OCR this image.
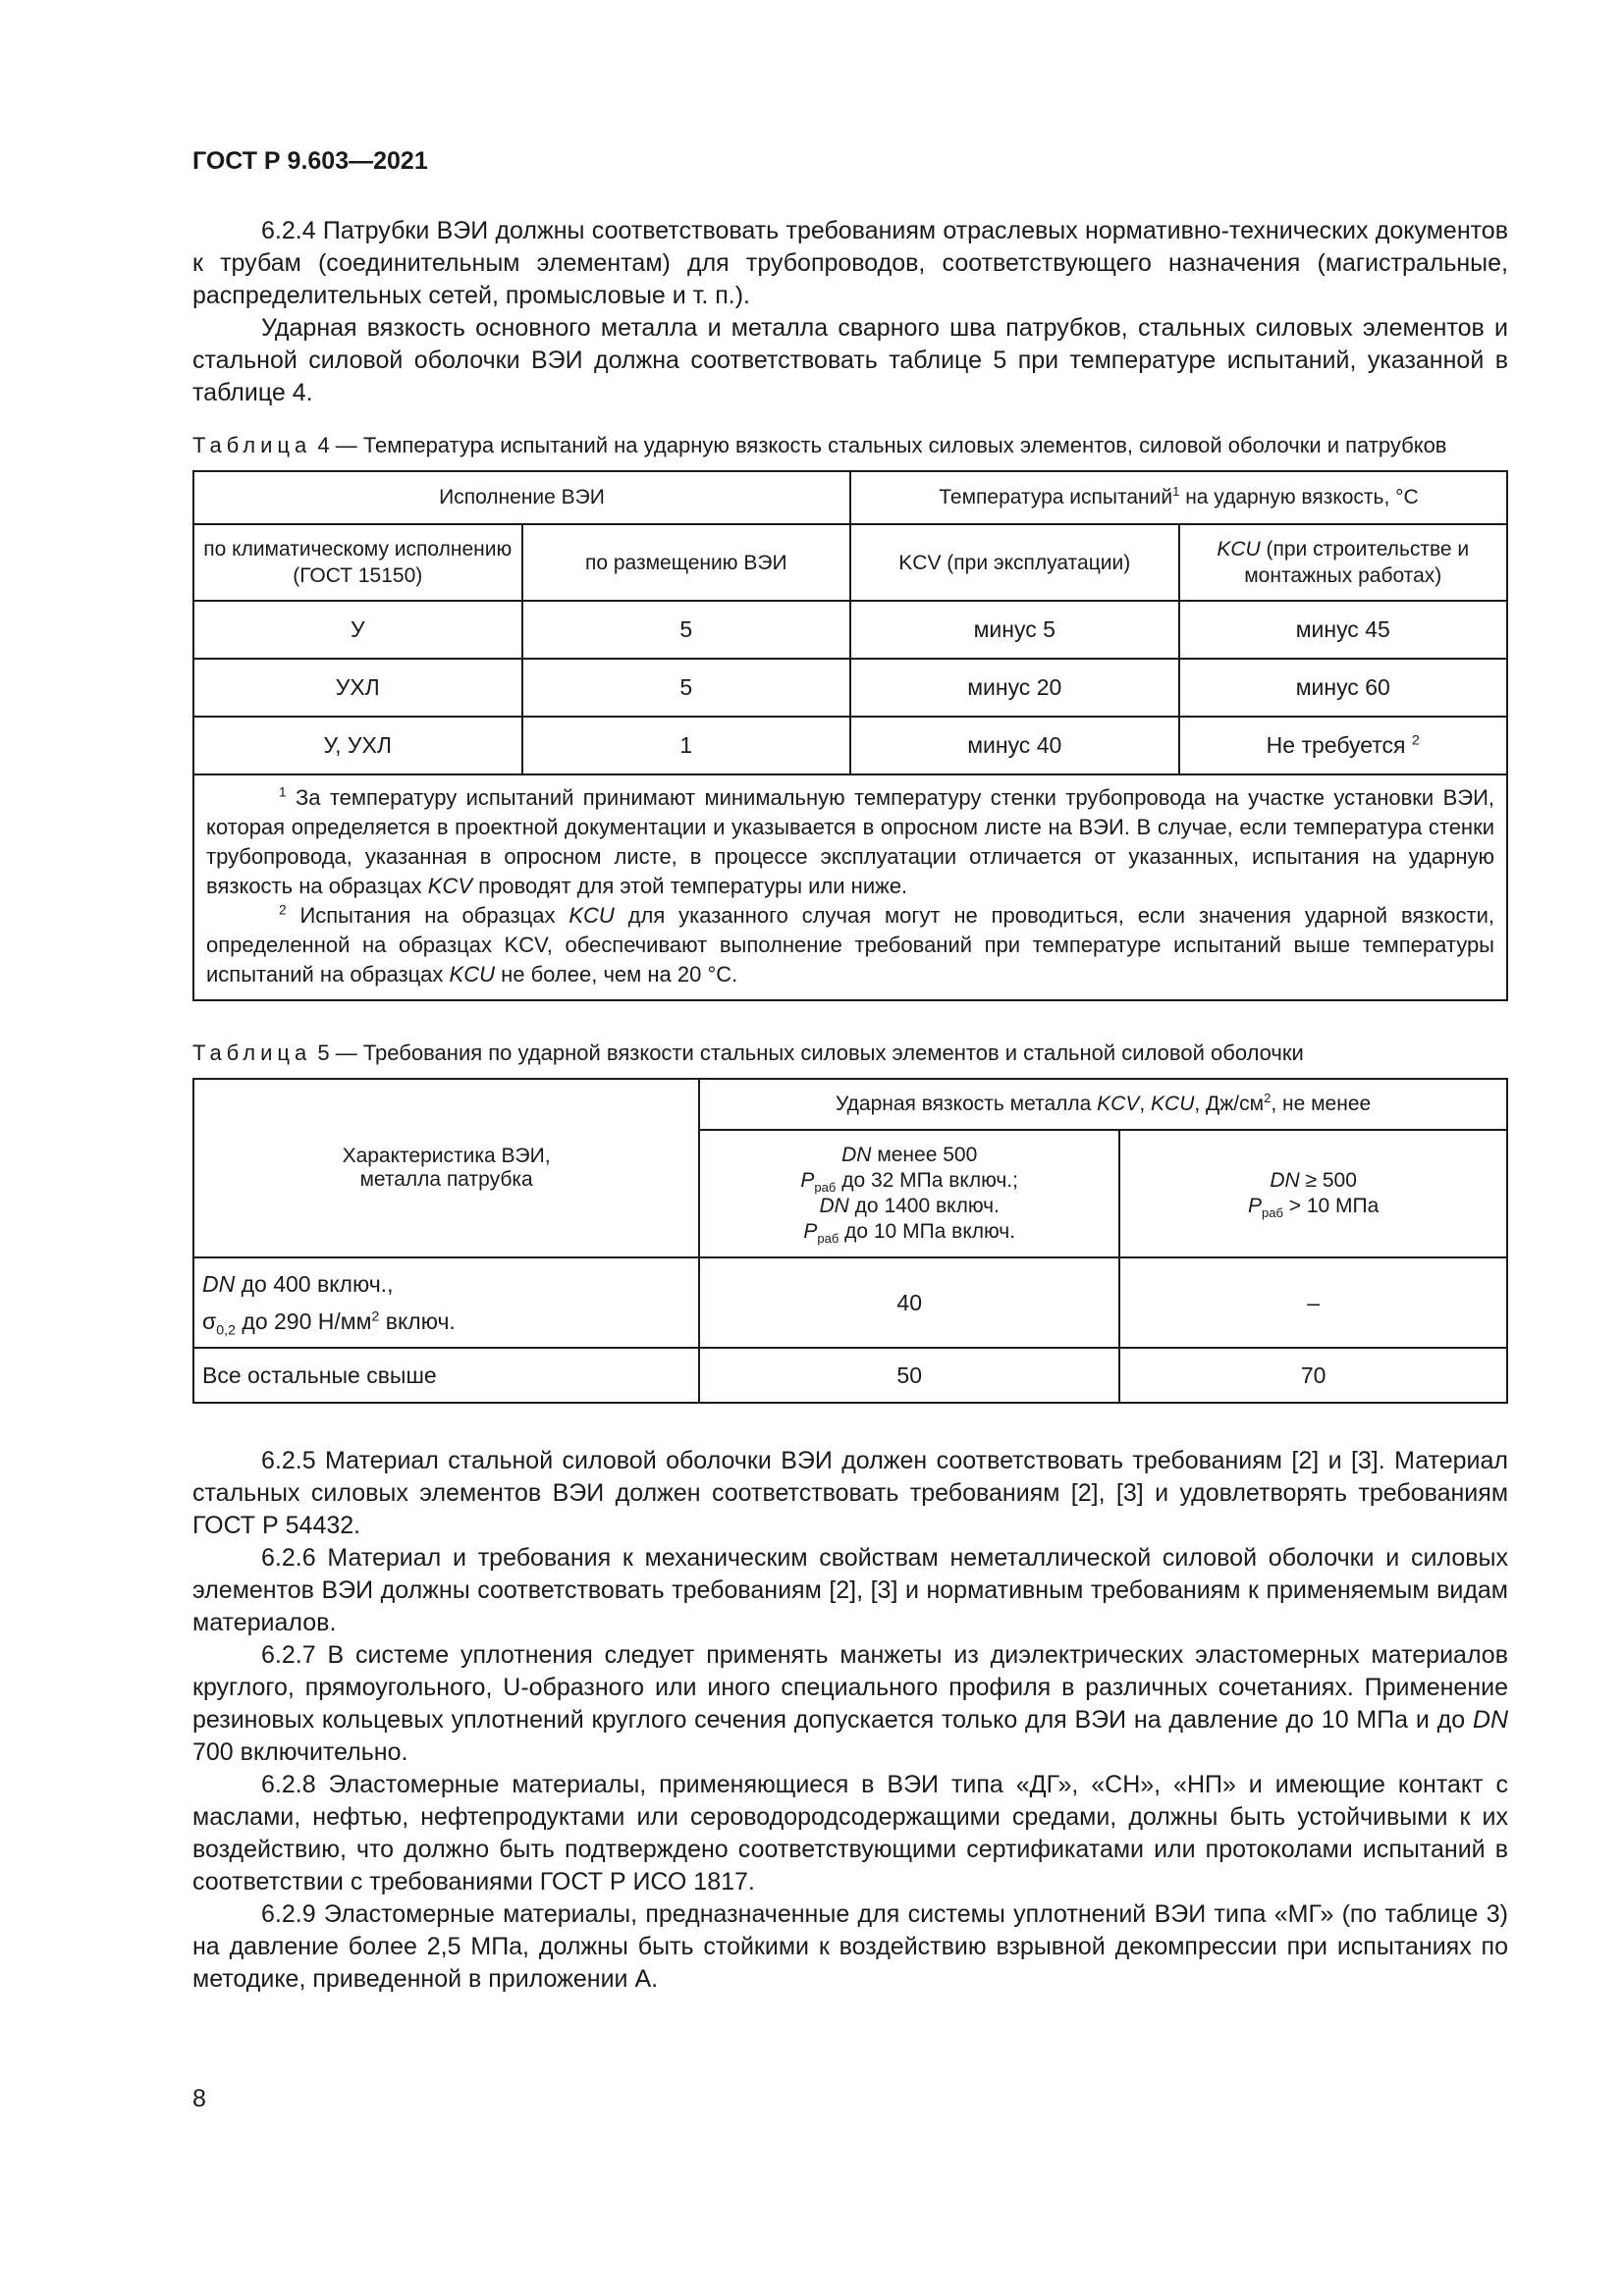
ГОСТ Р 9.603—2021

6.2.4 Патрубки ВЭИ должны соответствовать требованиям отраслевых нормативно-технических документов к трубам (соединительным элементам) для трубопроводов, соответствующего назначения (магистральные, распределительных сетей, промысловые и т. п.).

Ударная вязкость основного металла и металла сварного шва патрубков, стальных силовых элементов и стальной силовой оболочки ВЭИ должна соответствовать таблице 5 при температуре испытаний, указанной в таблице 4.

Таблица 4 — Температура испытаний на ударную вязкость стальных силовых элементов, силовой оболочки и патрубков
Исполнение ВЭИ		Температура испытаний$^1$ на ударную вязкость, °С	
по климатическому исполнению (ГОСТ 15150)	по размещению ВЭИ	KCV (при эксплуатации)	KCU (при строительстве и монтажных работах)
У	5	минус 5	минус 45
УХЛ	5	минус 20	минус 60
У, УХЛ	1	минус 40	Не требуется $^2$

$^1$ За температуру испытаний принимают минимальную температуру стенки трубопровода на участке установки ВЭИ, которая определяется в проектной документации и указывается в опросном листе на ВЭИ. В случае, если температура стенки трубопровода, указанная в опросном листе, в процессе эксплуатации отличается от указанных, испытания на ударную вязкость на образцах KCV проводят для этой температуры или ниже.

$^2$ Испытания на образцах KCU для указанного случая могут не проводиться, если значения ударной вязкости, определенной на образцах KCV, обеспечивают выполнение требований при температуре испытаний выше температуры испытаний на образцах KCU не более, чем на 20 °С.			

Таблица 5 — Требования по ударной вязкости стальных силовых элементов и стальной силовой оболочки
Характеристика ВЭИ,
металла патрубка	Ударная вязкость металла KCV, KCU, $Дж/см^2$, не менее	
	DN менее 500
$P_{раб}$ до 32 МПа включ.;
DN до 1400 включ.
$P_{раб}$ до 10 МПа включ.	DN ≥ 500
$P_{раб} > 10$ МПа
DN до 400 включ.,
$\sigma_{0,2}$ до 290 $Н/мм^2$ включ.	40	–
Все остальные свыше	50	70

6.2.5 Материал стальной силовой оболочки ВЭИ должен соответствовать требованиям [2] и [3]. Материал стальных силовых элементов ВЭИ должен соответствовать требованиям [2], [3] и удовлетворять требованиям ГОСТ Р 54432.

6.2.6 Материал и требования к механическим свойствам неметаллической силовой оболочки и силовых элементов ВЭИ должны соответствовать требованиям [2], [3] и нормативным требованиям к применяемым видам материалов.

6.2.7 В системе уплотнения следует применять манжеты из диэлектрических эластомерных материалов круглого, прямоугольного, U-образного или иного специального профиля в различных сочетаниях. Применение резиновых кольцевых уплотнений круглого сечения допускается только для ВЭИ на давление до 10 МПа и до DN 700 включительно.

6.2.8 Эластомерные материалы, применяющиеся в ВЭИ типа «ДГ», «СН», «НП» и имеющие контакт с маслами, нефтью, нефтепродуктами или сероводородсодержащими средами, должны быть устойчивыми к их воздействию, что должно быть подтверждено соответствующими сертификатами или протоколами испытаний в соответствии с требованиями ГОСТ Р ИСО 1817.

6.2.9 Эластомерные материалы, предназначенные для системы уплотнений ВЭИ типа «МГ» (по таблице 3) на давление более 2,5 МПа, должны быть стойкими к воздействию взрывной декомпрессии при испытаниях по методике, приведенной в приложении А.

8
